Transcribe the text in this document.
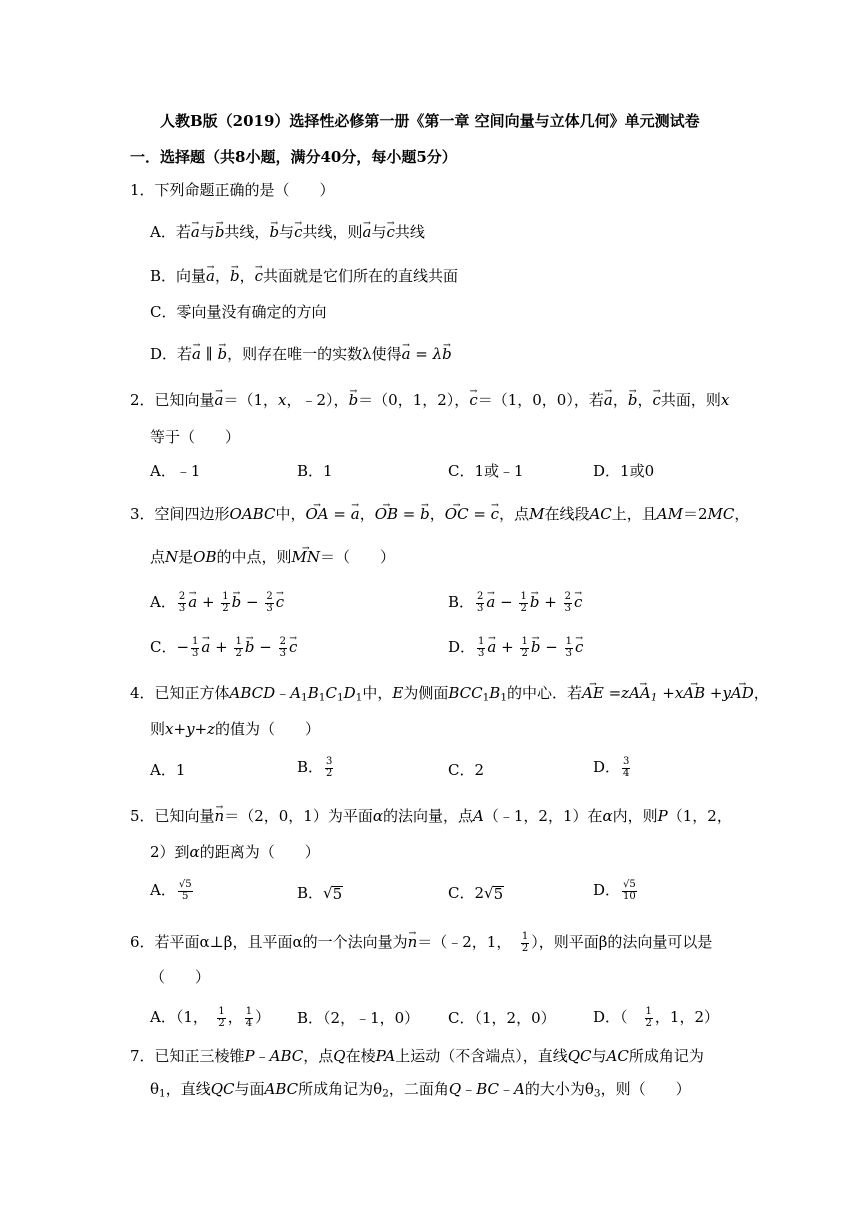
人教B版（2019）选择性必修第一册《第一章 空间向量与立体几何》单元测试卷
一．选择题（共8小题，满分40分，每小题5分）
1．下列命题正确的是（　　）
A．若→ a与→ b共线，→ b与→ c共线，则→ a与→ c共线
B．向量→ a，→ b，→ c共面就是它们所在的直线共面
C．零向量没有确定的方向
D．若→ a ∥ → b，则存在唯一的实数λ使得→ a = λ→ b
2．已知向量→ a＝（1，x，﹣2），→ b＝（0，1，2），→ c＝（1，0，0），若→ a，→ b，→ c共面，则x
等于（　　）
A．﹣1	B．1	C．1或﹣1	D．1或0
3．空间四边形OABC中，→ OA = → a，→ OB = → b，→ OC = → c，点M在线段AC上，且AM＝2MC，
点N是OB的中点，则→ MN＝（　　）
A． $\frac{2}{3}$
→ $a + \frac{1}{2}$
→ $b - \frac{2}{3}$
→ c	B． $\frac{2}{3}$
→ $a - \frac{1}{2}$
→ $b + \frac{2}{3}$
→ c
C．− $\frac{1}{3}$
→ $a + \frac{1}{2}$
→ $b - \frac{2}{3}$
→ c	D． $\frac{1}{3}$
→ $a + \frac{1}{2}$
→ $b - \frac{1}{3}$
→ c
4．已知正方体$ABCD﹣A_1B_1C_1D_1$中，E为侧面$BCC_1B_1$的中心．若→ AE $=z\to AA_1 +x\to$ AB +y→ AD，
则x+y+z的值为（　　）
A．1	B． $\frac{3}{2}$	C．2	D． $\frac{3}{4}$
5．已知向量→ n＝（2，0，1）为平面α的法向量，点A（﹣1，2，1）在α内，则P（1，2，
2）到α的距离为（　　）
A． $\frac{√5}{5}$	B． √ 5	C．2 √ 5	D． $\frac{√5}{10}$
6．若平面α⊥β，且平面α的一个法向量为→ n＝（﹣2，1，　 $\frac{1}{2}$ ），则平面β的法向量可以是
（　　）
A．（1，　 $\frac{1}{2}$ ， $\frac{1}{4}$ ） B．（2，﹣1，0） C．（1，2，0） D．（　 $\frac{1}{2}$ ，1，2）
7．已知正三棱锥P﹣ABC，点Q在棱PA上运动（不含端点），直线QC与AC所成角记为
$\theta_1$，直线QC与面ABC所成角记为$\theta_2$，二面角Q﹣BC﹣A的大小为$\theta_3$，则（　　）
